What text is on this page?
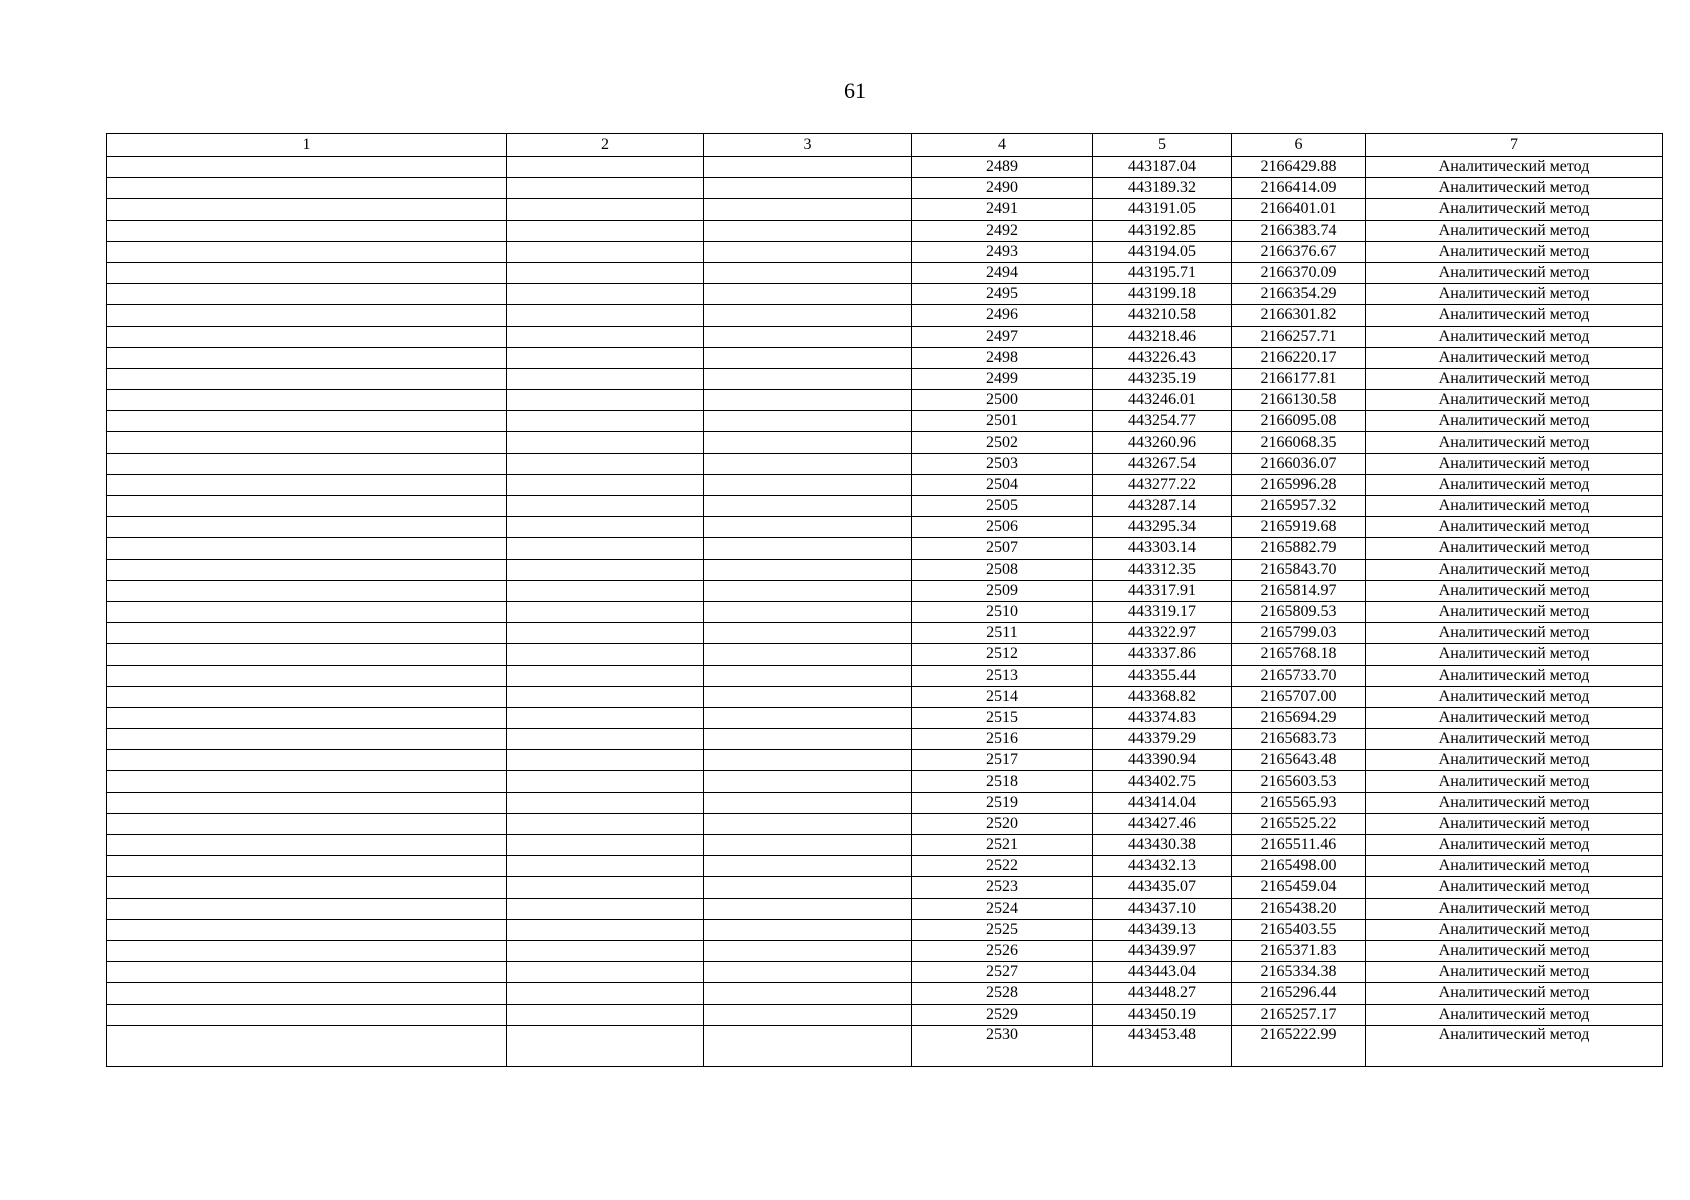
61
1	2	3	4	5	6	7
			2489	443187.04	2166429.88	Аналитический метод
			2490	443189.32	2166414.09	Аналитический метод
			2491	443191.05	2166401.01	Аналитический метод
			2492	443192.85	2166383.74	Аналитический метод
			2493	443194.05	2166376.67	Аналитический метод
			2494	443195.71	2166370.09	Аналитический метод
			2495	443199.18	2166354.29	Аналитический метод
			2496	443210.58	2166301.82	Аналитический метод
			2497	443218.46	2166257.71	Аналитический метод
			2498	443226.43	2166220.17	Аналитический метод
			2499	443235.19	2166177.81	Аналитический метод
			2500	443246.01	2166130.58	Аналитический метод
			2501	443254.77	2166095.08	Аналитический метод
			2502	443260.96	2166068.35	Аналитический метод
			2503	443267.54	2166036.07	Аналитический метод
			2504	443277.22	2165996.28	Аналитический метод
			2505	443287.14	2165957.32	Аналитический метод
			2506	443295.34	2165919.68	Аналитический метод
			2507	443303.14	2165882.79	Аналитический метод
			2508	443312.35	2165843.70	Аналитический метод
			2509	443317.91	2165814.97	Аналитический метод
			2510	443319.17	2165809.53	Аналитический метод
			2511	443322.97	2165799.03	Аналитический метод
			2512	443337.86	2165768.18	Аналитический метод
			2513	443355.44	2165733.70	Аналитический метод
			2514	443368.82	2165707.00	Аналитический метод
			2515	443374.83	2165694.29	Аналитический метод
			2516	443379.29	2165683.73	Аналитический метод
			2517	443390.94	2165643.48	Аналитический метод
			2518	443402.75	2165603.53	Аналитический метод
			2519	443414.04	2165565.93	Аналитический метод
			2520	443427.46	2165525.22	Аналитический метод
			2521	443430.38	2165511.46	Аналитический метод
			2522	443432.13	2165498.00	Аналитический метод
			2523	443435.07	2165459.04	Аналитический метод
			2524	443437.10	2165438.20	Аналитический метод
			2525	443439.13	2165403.55	Аналитический метод
			2526	443439.97	2165371.83	Аналитический метод
			2527	443443.04	2165334.38	Аналитический метод
			2528	443448.27	2165296.44	Аналитический метод
			2529	443450.19	2165257.17	Аналитический метод
			2530	443453.48	2165222.99	Аналитический метод
